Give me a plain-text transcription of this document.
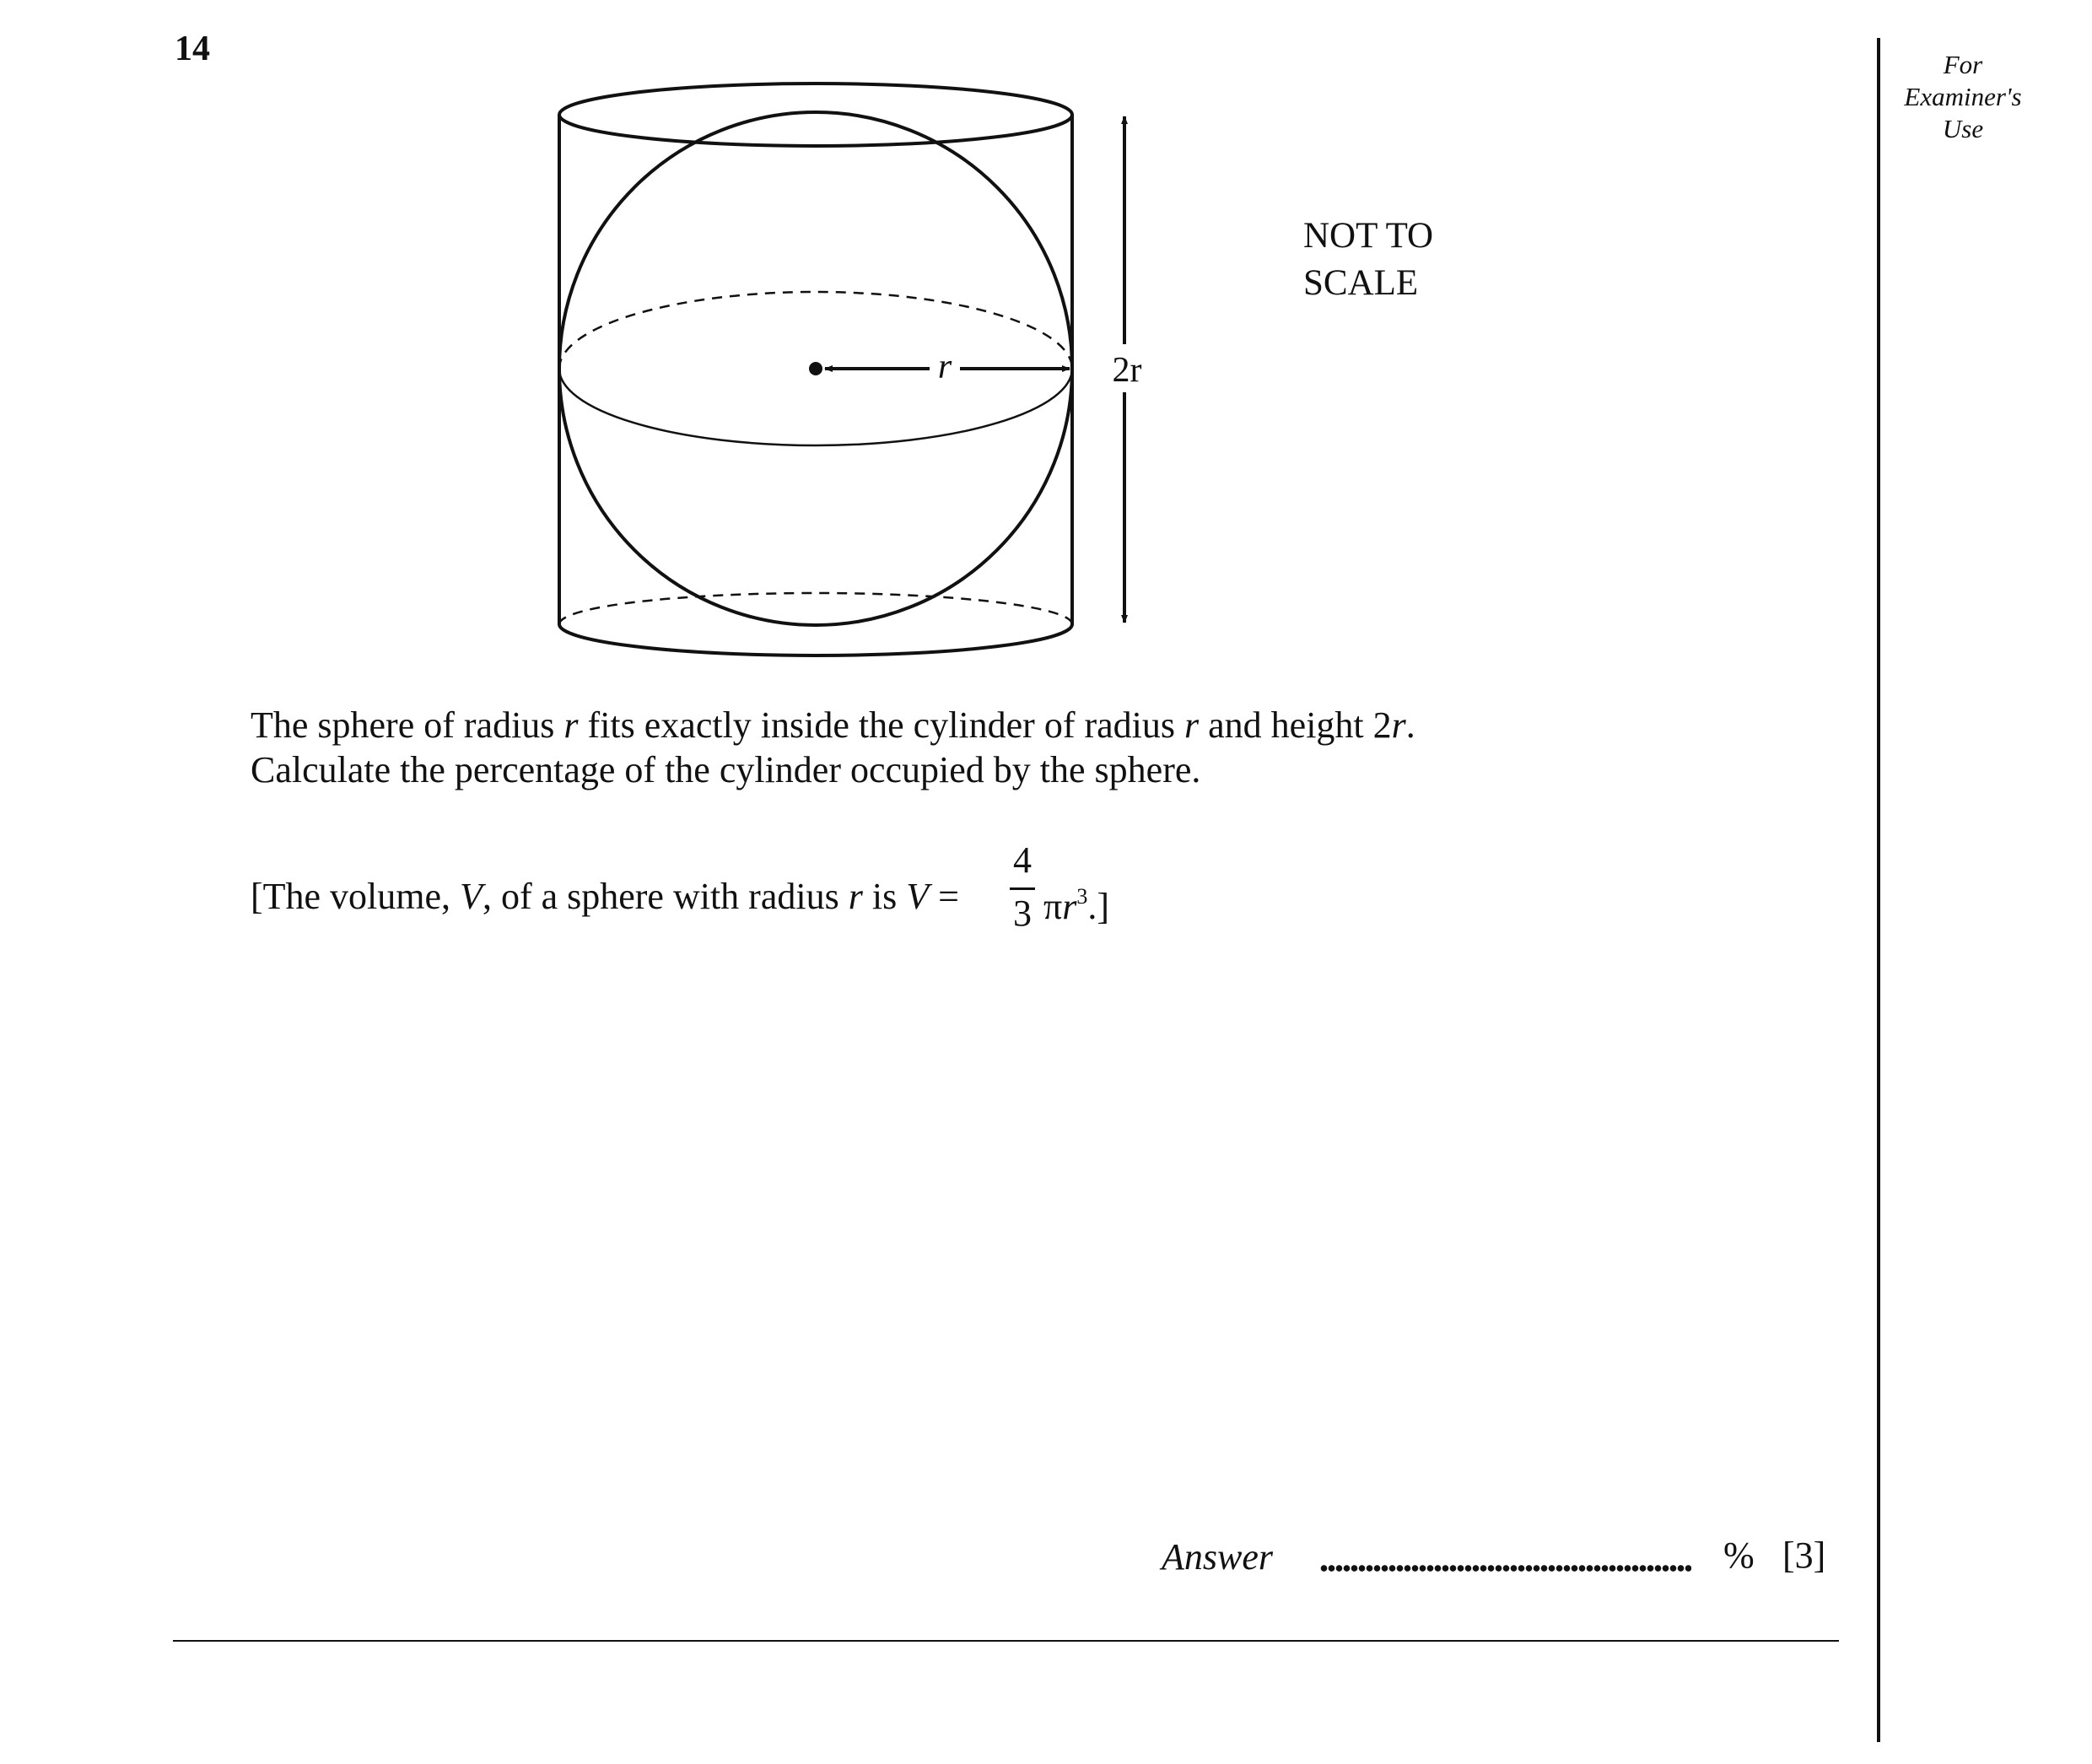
14	For
Examiner's
Use
r	2r
NOT TO
SCALE
The sphere of radius r fits exactly inside the cylinder of radius r and height 2r.
Calculate the percentage of the cylinder occupied by the sphere.
[The volume, V, of a sphere with radius r is V =
4
3 $\pi r^3$.]
Answer	% [3]
